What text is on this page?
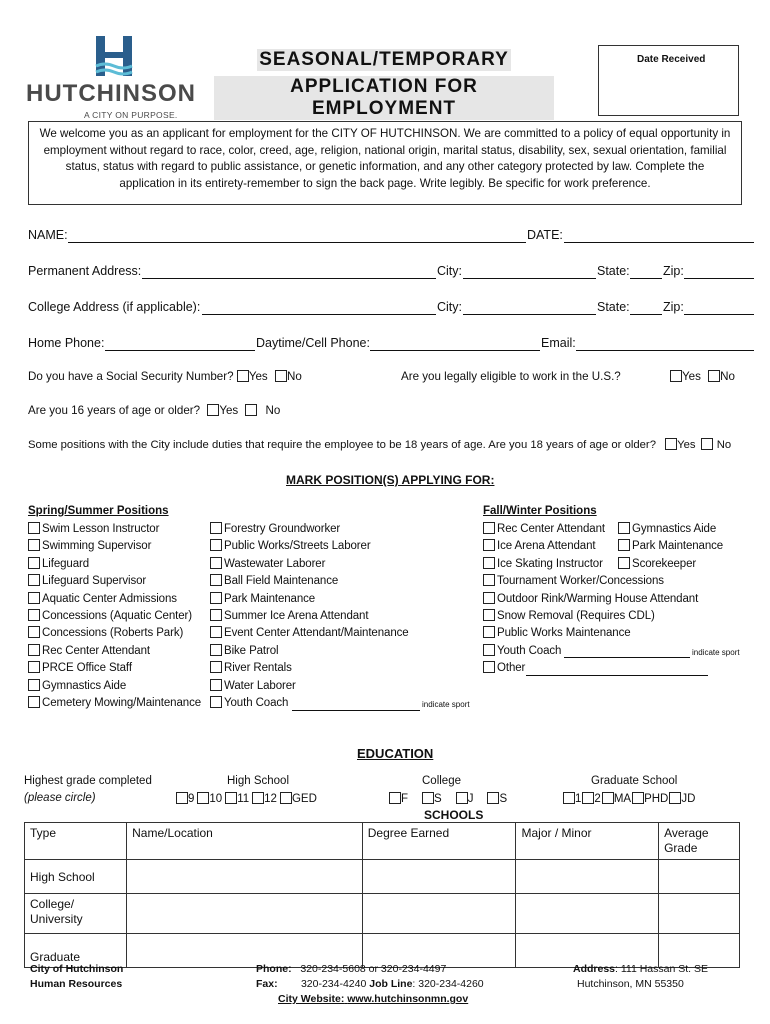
HUTCHINSON
A CITY ON PURPOSE.
SEASONAL/TEMPORARY
APPLICATION FOR EMPLOYMENT
Date Received
We welcome you as an applicant for employment for the CITY OF HUTCHINSON. We are committed to a policy of equal opportunity in employment without regard to race, color, creed, age, religion, national origin, marital status, disability, sex, sexual orientation, familial status, status with regard to public assistance, or genetic information, and any other category protected by law. Complete the application in its entirety-remember to sign the back page. Write legibly. Be specific for work preference.
NAME:	DATE:
Permanent Address:	City:	State:	Zip:
College Address (if applicable):	City:	State:	Zip:
Home Phone:	Daytime/Cell Phone:	Email:
Do you have a Social Security Number? Yes No	Are you legally eligible to work in the U.S.?	Yes No
Are you 16 years of age or older? Yes No
Some positions with the City include duties that require the employee to be 18 years of age. Are you 18 years of age or older? Yes No
MARK POSITION(S) APPLYING FOR:
Spring/Summer Positions	Fall/Winter Positions
Swim Lesson Instructor
Swimming Supervisor
Lifeguard
Lifeguard Supervisor
Aquatic Center Admissions
Concessions (Aquatic Center)
Concessions (Roberts Park)
Rec Center Attendant
PRCE Office Staff
Gymnastics Aide
Cemetery Mowing/Maintenance
Forestry Groundworker
Public Works/Streets Laborer
Wastewater Laborer
Ball Field Maintenance
Park Maintenance
Summer Ice Arena Attendant
Event Center Attendant/Maintenance
Bike Patrol
River Rentals
Water Laborer
Youth Coach
Rec Center Attendant
Ice Arena Attendant
Ice Skating Instructor
Tournament Worker/Concessions
Outdoor Rink/Warming House Attendant
Snow Removal (Requires CDL)
Public Works Maintenance
Youth Coach
Other
Gymnastics Aide
Park Maintenance
Scorekeeper
indicate sport
indicate sport
EDUCATION
Highest grade completed
(please circle)
High School
9 10 11 12 GED
College
F S J S
Graduate School
1 2 MA PHD JD
SCHOOLS
Type	Name/Location	Degree Earned	Major / Minor	Average Grade
High School				
College/ University				
Graduate				
City of Hutchinson
Human Resources
Phone: 320-234-5608 or 320-234-4497
Fax: 320-234-4240 Job Line: 320-234-4260
City Website: www.hutchinsonmn.gov
Address: 111 Hassan St. SE
Hutchinson, MN 55350
